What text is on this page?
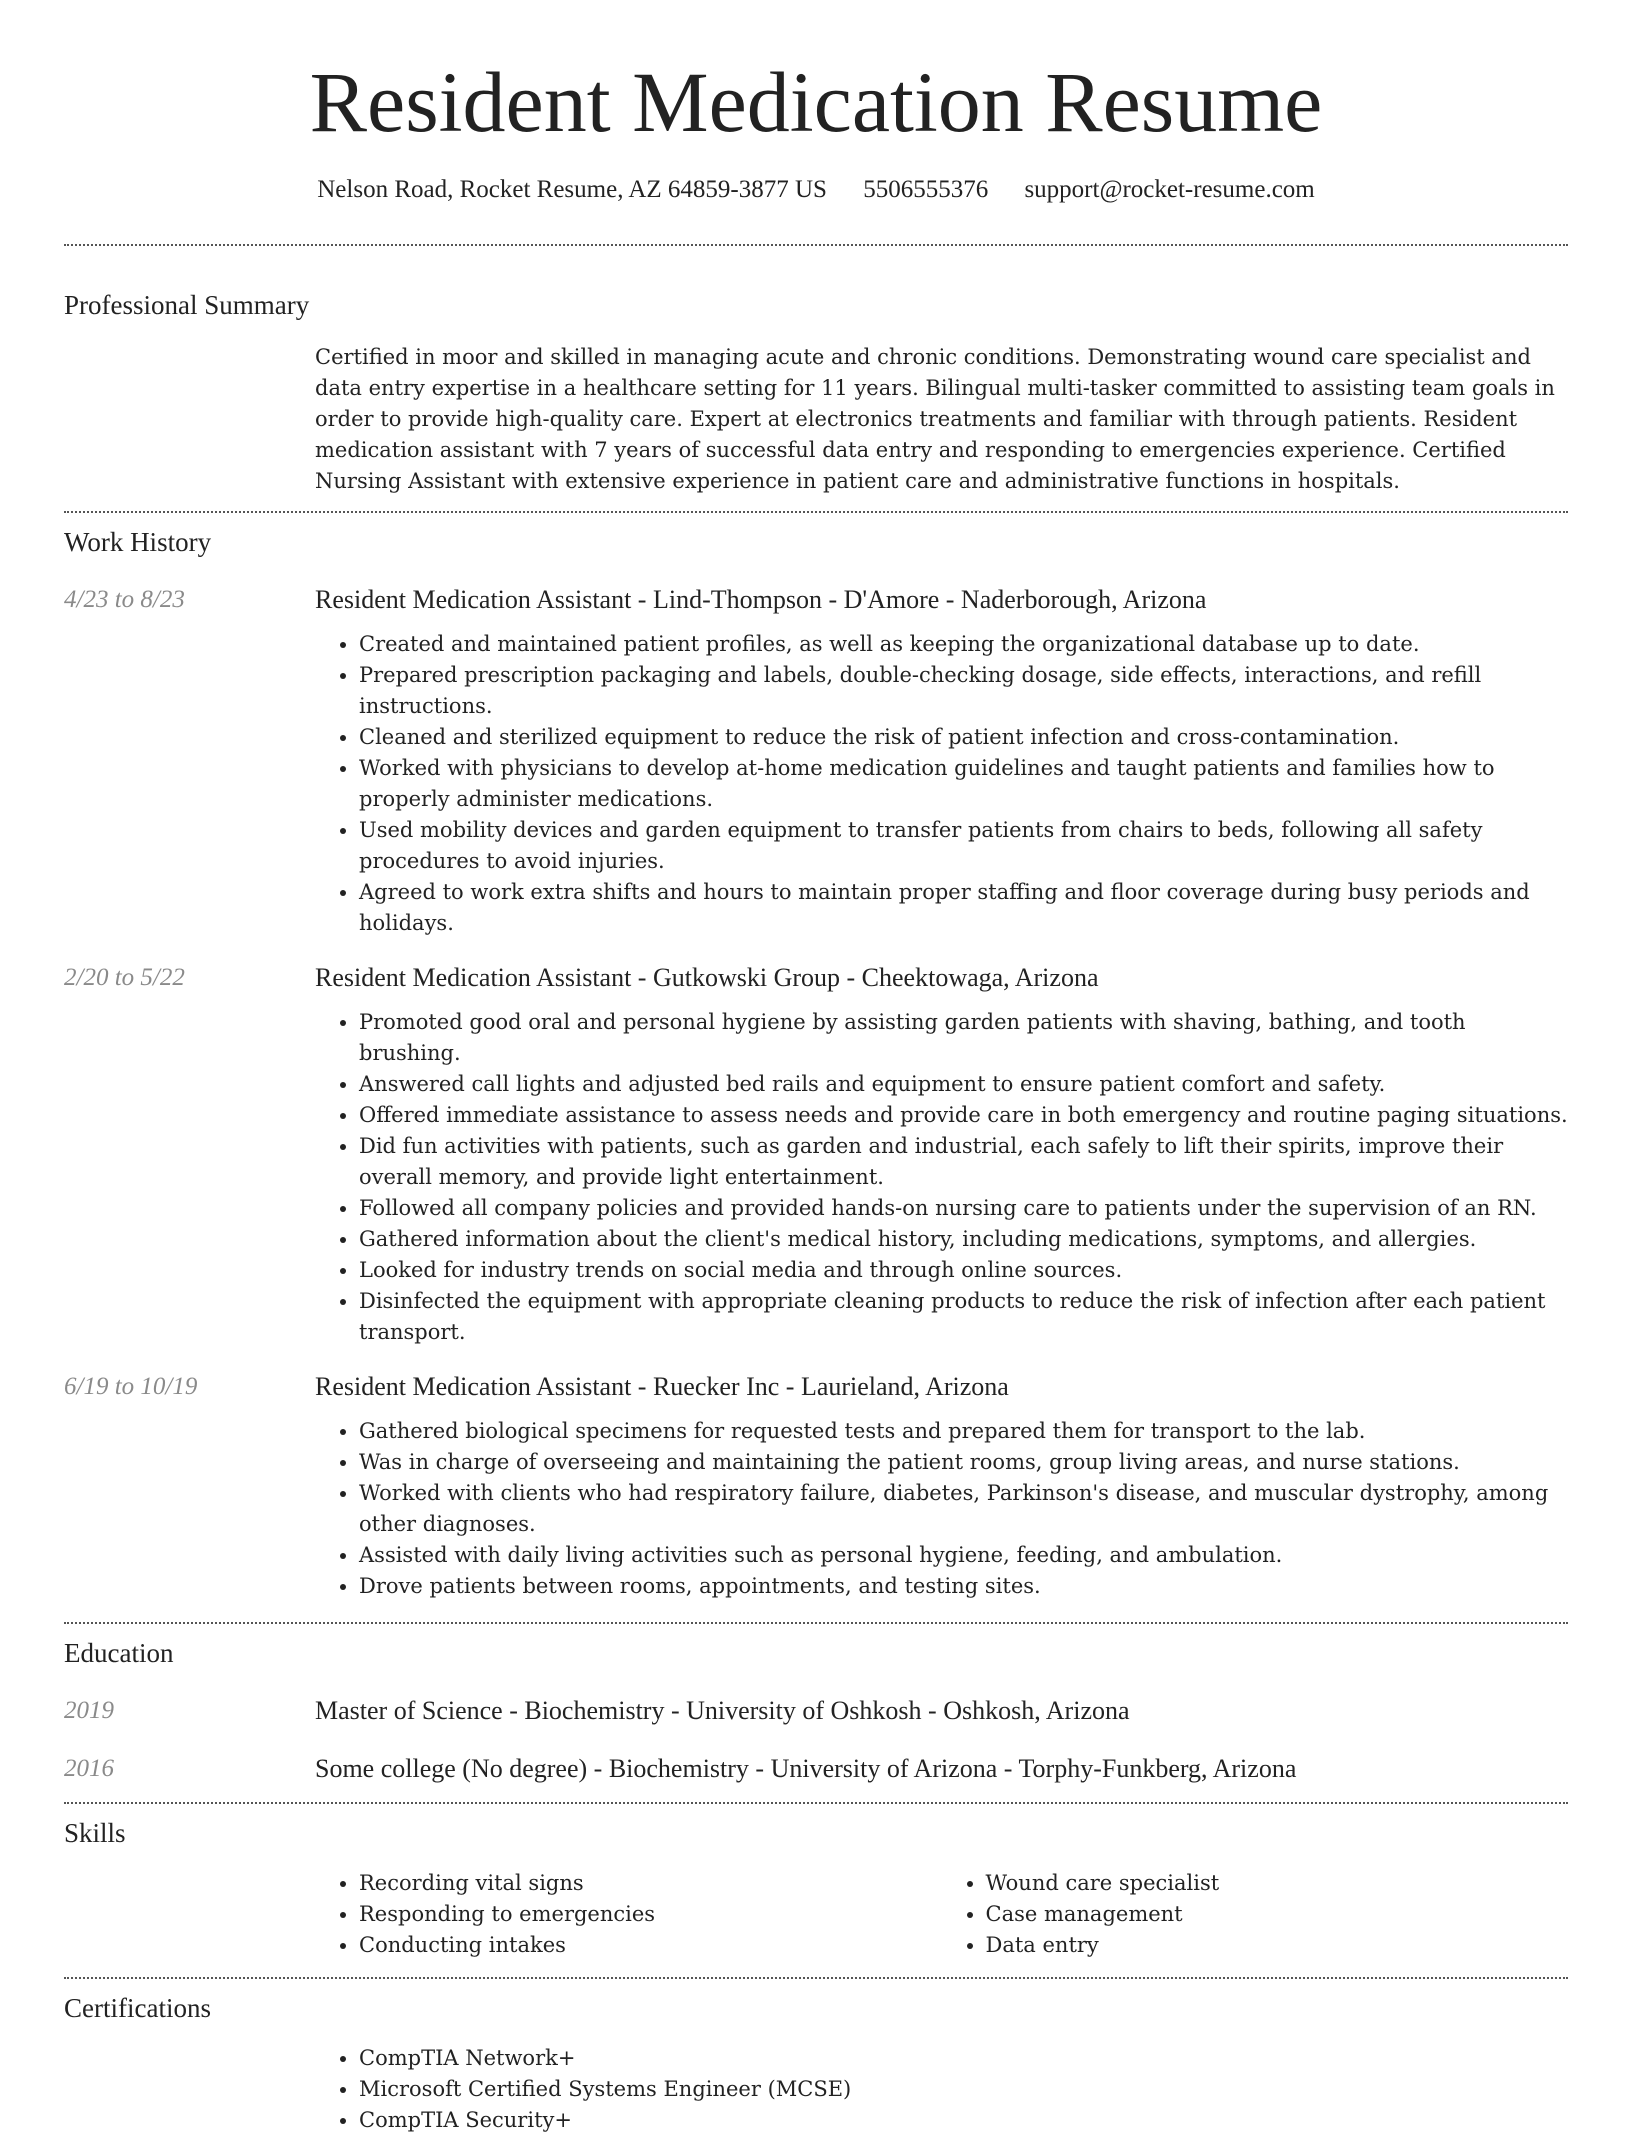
Resident Medication Resume
Nelson Road, Rocket Resume, AZ 64859-3877 US 5506555376 support@rocket-resume.com
Professional Summary
Certified in moor and skilled in managing acute and chronic conditions. Demonstrating wound care specialist and data entry expertise in a healthcare setting for 11 years. Bilingual multi-tasker committed to assisting team goals in order to provide high-quality care. Expert at electronics treatments and familiar with through patients. Resident medication assistant with 7 years of successful data entry and responding to emergencies experience. Certified Nursing Assistant with extensive experience in patient care and administrative functions in hospitals.
Work History
4/23 to 8/23	Resident Medication Assistant - Lind-Thompson - D'Amore - Naderborough, Arizona
• Created and maintained patient profiles, as well as keeping the organizational database up to date.
• Prepared prescription packaging and labels, double-checking dosage, side effects, interactions, and refill instructions.
• Cleaned and sterilized equipment to reduce the risk of patient infection and cross-contamination.
• Worked with physicians to develop at-home medication guidelines and taught patients and families how to properly administer medications.
• Used mobility devices and garden equipment to transfer patients from chairs to beds, following all safety procedures to avoid injuries.
• Agreed to work extra shifts and hours to maintain proper staffing and floor coverage during busy periods and holidays.
2/20 to 5/22	Resident Medication Assistant - Gutkowski Group - Cheektowaga, Arizona
• Promoted good oral and personal hygiene by assisting garden patients with shaving, bathing, and tooth brushing.
• Answered call lights and adjusted bed rails and equipment to ensure patient comfort and safety.
• Offered immediate assistance to assess needs and provide care in both emergency and routine paging situations.
• Did fun activities with patients, such as garden and industrial, each safely to lift their spirits, improve their overall memory, and provide light entertainment.
• Followed all company policies and provided hands-on nursing care to patients under the supervision of an RN.
• Gathered information about the client's medical history, including medications, symptoms, and allergies.
• Looked for industry trends on social media and through online sources.
• Disinfected the equipment with appropriate cleaning products to reduce the risk of infection after each patient transport.
6/19 to 10/19	Resident Medication Assistant - Ruecker Inc - Laurieland, Arizona
• Gathered biological specimens for requested tests and prepared them for transport to the lab.
• Was in charge of overseeing and maintaining the patient rooms, group living areas, and nurse stations.
• Worked with clients who had respiratory failure, diabetes, Parkinson's disease, and muscular dystrophy, among other diagnoses.
• Assisted with daily living activities such as personal hygiene, feeding, and ambulation.
• Drove patients between rooms, appointments, and testing sites.
Education
2019	Master of Science - Biochemistry - University of Oshkosh - Oshkosh, Arizona
2016	Some college (No degree) - Biochemistry - University of Arizona - Torphy-Funkberg, Arizona
Skills
• Recording vital signs
• Responding to emergencies
• Conducting intakes
• Wound care specialist
• Case management
• Data entry
Certifications
• CompTIA Network+
• Microsoft Certified Systems Engineer (MCSE)
• CompTIA Security+
